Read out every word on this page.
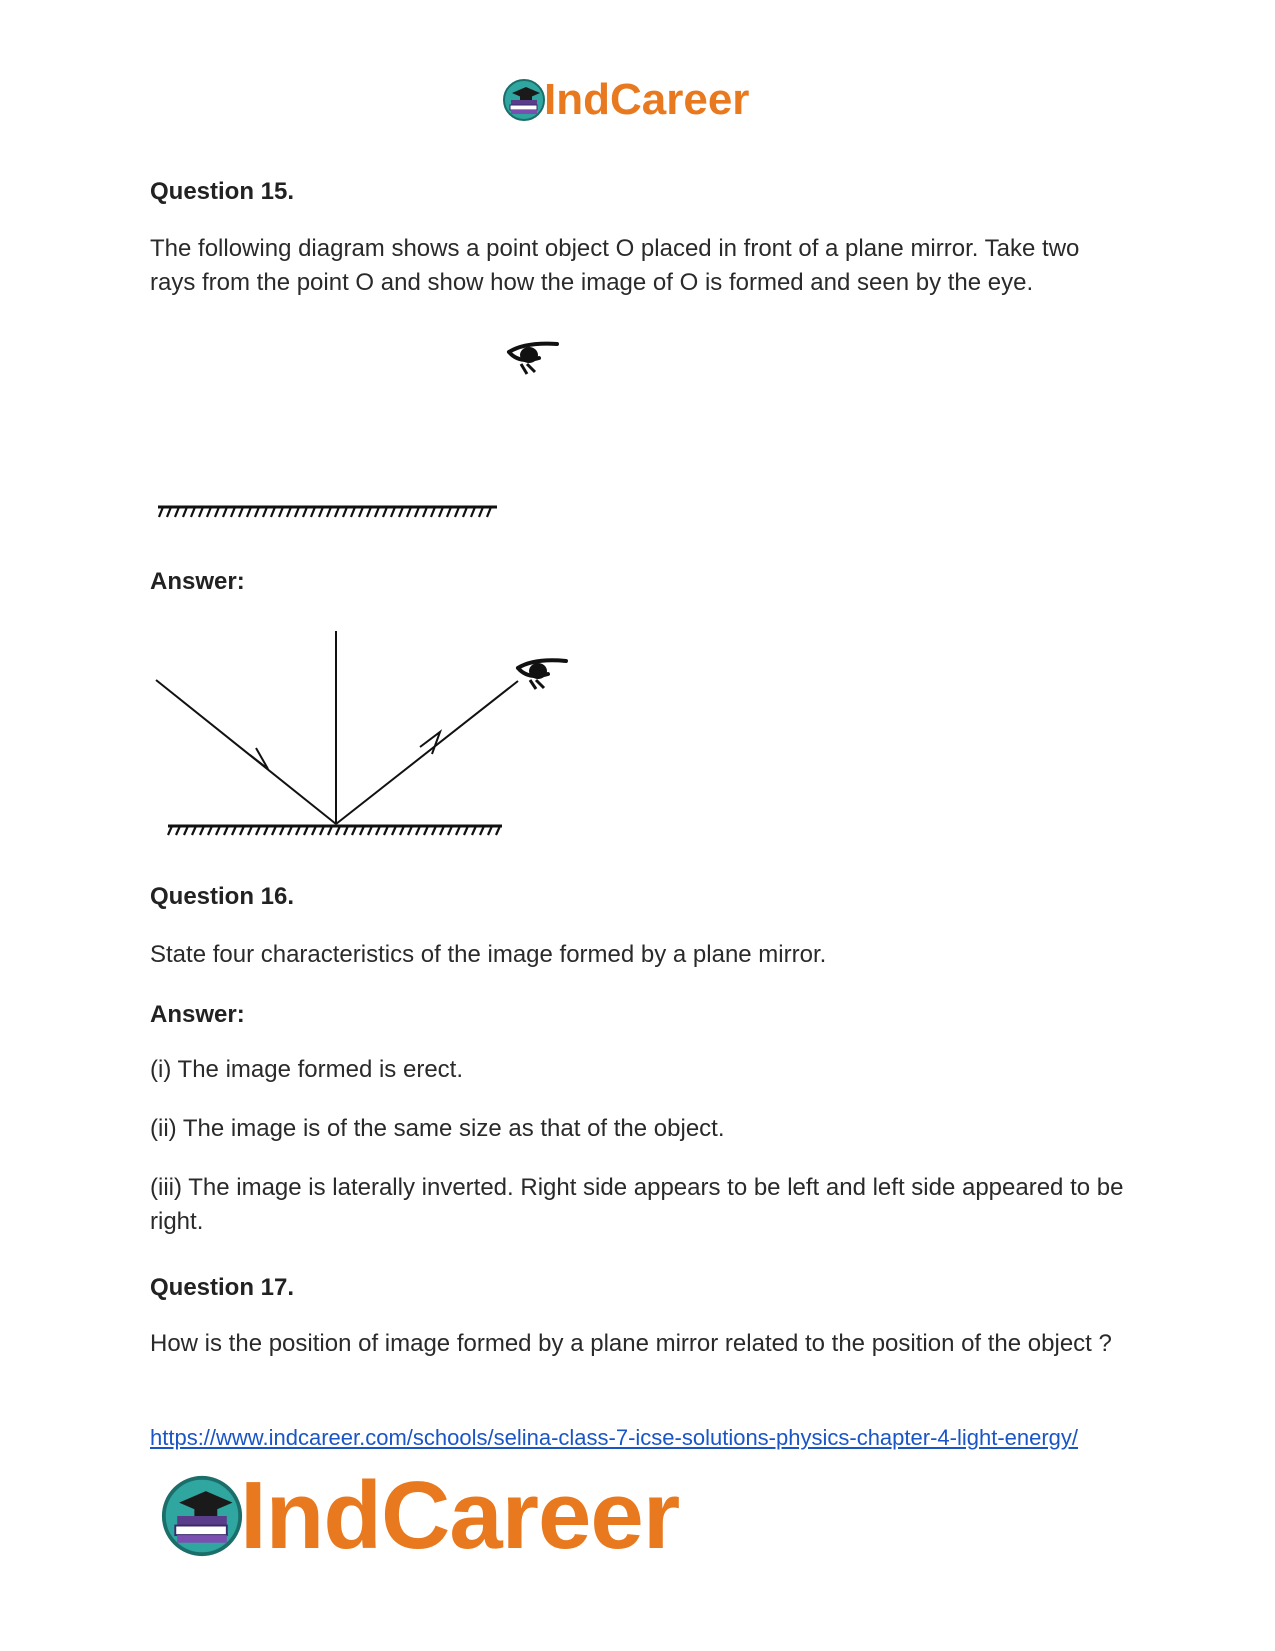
IndCareer
Question 15.
The following diagram shows a point object O placed in front of a plane mirror. Take two rays from the point O and show how the image of O is formed and seen by the eye.
Answer:
Question 16.
State four characteristics of the image formed by a plane mirror.
Answer:
(i) The image formed is erect.
(ii) The image is of the same size as that of the object.
(iii) The image is laterally inverted. Right side appears to be left and left side appeared to be right.
Question 17.
How is the position of image formed by a plane mirror related to the position of the object ?
https://www.indcareer.com/schools/selina-class-7-icse-solutions-physics-chapter-4-light-energy/
IndCareer
